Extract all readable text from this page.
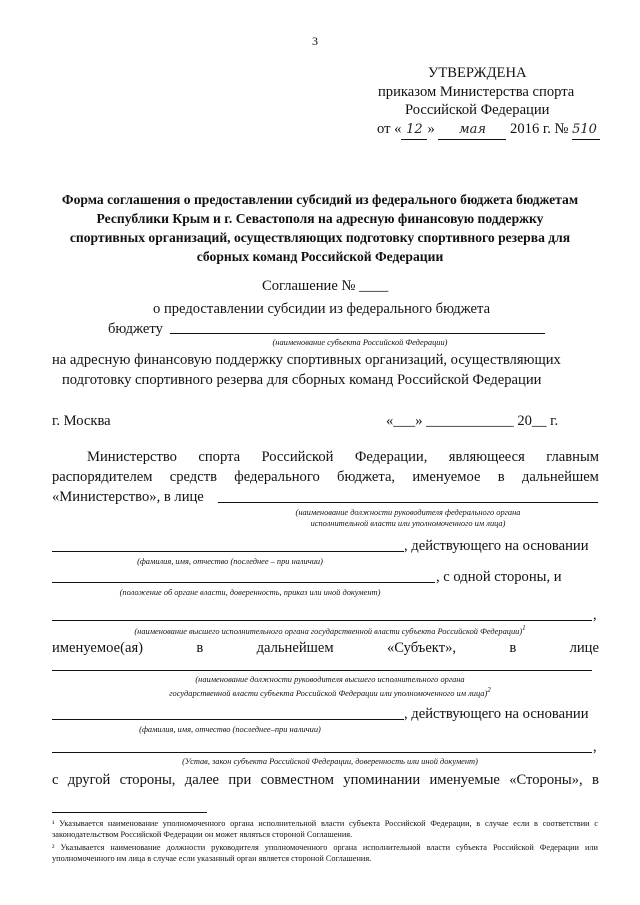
3
УТВЕРЖДЕНА
приказом Министерства спорта
Российской Федерации
от « 12 » мая 2016 г. № 510
Форма соглашения о предоставлении субсидий из федерального бюджета бюджетам Республики Крым и г. Севастополя на адресную финансовую поддержку спортивных организаций, осуществляющих подготовку спортивного резерва для сборных команд Российской Федерации
Соглашение № ____
о предоставлении субсидии из федерального бюджета
бюджету
(наименование субъекта Российской Федерации)
на адресную финансовую поддержку спортивных организаций, осуществляющих
подготовку спортивного резерва для сборных команд Российской Федерации
г. Москва	«___» ____________ 20__ г.
Министерство спорта Российской Федерации, являющееся главным
распорядителем средств федерального бюджета, именуемое в дальнейшем
«Министерство», в лице
(наименование должности руководителя федерального органа
исполнительной власти или уполномоченного им лица)
, действующего на основании
(фамилия, имя, отчество (последнее – при наличии)
, с одной стороны, и
(положение об органе власти, доверенность, приказ или иной документ)
,
(наименование высшего исполнительного органа государственной власти субъекта Российской Федерации)$^1$
именуемое(ая)	в	дальнейшем	«Субъект»,	в	лице
(наименование должности руководителя высшего исполнительного органа
государственной власти субъекта Российской Федерации или уполномоченного им лица)$^2$
, действующего на основании
(фамилия, имя, отчество (последнее–при наличии)
,
(Устав, закон субъекта Российской Федерации, доверенность или иной документ)
с другой стороны, далее при совместном упоминании именуемые «Стороны», в
¹ Указывается наименование уполномоченного органа исполнительной власти субъекта Российской Федерации, в случае если в соответствии с законодательством Российской Федерации он может являться стороной Соглашения.
² Указывается наименование должности руководителя уполномоченного органа исполнительной власти субъекта Российской Федерации или уполномоченного им лица в случае если указанный орган является стороной Соглашения.
